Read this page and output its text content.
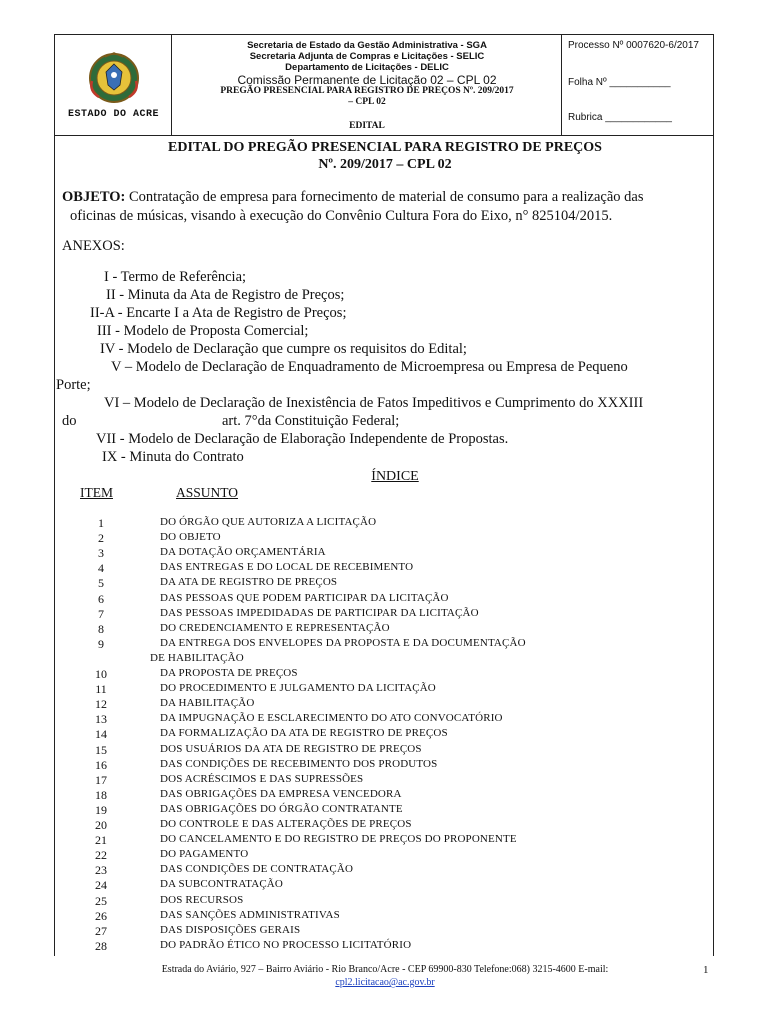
ESTADO DO ACRE
Secretaria de Estado da Gestão Administrativa - SGA
Secretaria Adjunta de Compras e Licitações - SELIC
Departamento de Licitações - DELIC
Comissão Permanente de Licitação 02 – CPL 02
PREGÃO PRESENCIAL PARA REGISTRO DE PREÇOS Nº. 209/2017
– CPL 02
EDITAL
Processo Nº 0007620-6/2017
Folha Nº ___________
Rubrica ____________
EDITAL DO PREGÃO PRESENCIAL PARA REGISTRO DE PREÇOS
Nº. 209/2017 – CPL 02
OBJETO: Contratação de empresa para fornecimento de material de consumo para a realização das
oficinas de músicas, visando à execução do Convênio Cultura Fora do Eixo, n° 825104/2015.
ANEXOS:
I - Termo de Referência;
II - Minuta da Ata de Registro de Preços;
II-A - Encarte I a Ata de Registro de Preços;
III - Modelo de Proposta Comercial;
IV - Modelo de Declaração que cumpre os requisitos do Edital;
V – Modelo de Declaração de Enquadramento de Microempresa ou Empresa de Pequeno
Porte;
VI – Modelo de Declaração de Inexistência de Fatos Impeditivos e Cumprimento do XXXIII
do	art. 7°da Constituição Federal;
VII - Modelo de Declaração de Elaboração Independente de Propostas.
IX - Minuta do Contrato
ÍNDICE
ITEM	ASSUNTO
1	DO ÓRGÃO QUE AUTORIZA A LICITAÇÃO
2	DO OBJETO
3	DA DOTAÇÃO ORÇAMENTÁRIA
4	DAS ENTREGAS E DO LOCAL DE RECEBIMENTO
5	DA ATA DE REGISTRO DE PREÇOS
6	DAS PESSOAS QUE PODEM PARTICIPAR DA LICITAÇÃO
7	DAS PESSOAS IMPEDIDADAS DE PARTICIPAR DA LICITAÇÃO
8	DO CREDENCIAMENTO E REPRESENTAÇÃO
9	DA ENTREGA DOS ENVELOPES DA PROPOSTA E DA DOCUMENTAÇÃO
DE HABILITAÇÃO
10	DA PROPOSTA DE PREÇOS
11	DO PROCEDIMENTO E JULGAMENTO DA LICITAÇÃO
12	DA HABILITAÇÃO
13	DA IMPUGNAÇÃO E ESCLARECIMENTO DO ATO CONVOCATÓRIO
14	DA FORMALIZAÇÃO DA ATA DE REGISTRO DE PREÇOS
15	DOS USUÁRIOS DA ATA DE REGISTRO DE PREÇOS
16	DAS CONDIÇÕES DE RECEBIMENTO DOS PRODUTOS
17	DOS ACRÉSCIMOS E DAS SUPRESSÕES
18	DAS OBRIGAÇÕES DA EMPRESA VENCEDORA
19	DAS OBRIGAÇÕES DO ÓRGÃO CONTRATANTE
20	DO CONTROLE E DAS ALTERAÇÕES DE PREÇOS
21	DO CANCELAMENTO E DO REGISTRO DE PREÇOS DO PROPONENTE
22	DO PAGAMENTO
23	DAS CONDIÇÕES DE CONTRATAÇÃO
24	DA SUBCONTRATAÇÃO
25	DOS RECURSOS
26	DAS SANÇÕES ADMINISTRATIVAS
27	DAS DISPOSIÇÕES GERAIS
28	DO PADRÃO ÉTICO NO PROCESSO LICITATÓRIO
Estrada do Aviário, 927 – Bairro Aviário - Rio Branco/Acre - CEP 69900-830 Telefone:068) 3215-4600 E-mail:
cpl2.licitacao@ac.gov.br
1
